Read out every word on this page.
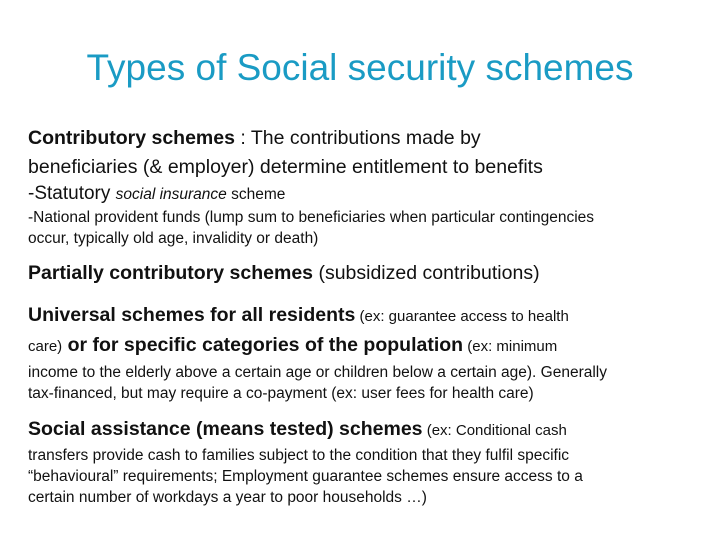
Types of Social security schemes
Contributory schemes : The contributions made by
beneficiaries (& employer) determine entitlement to benefits
-Statutory social insurance scheme
-National provident funds (lump sum to beneficiaries when particular contingencies
occur, typically old age, invalidity or death)
Partially contributory schemes (subsidized contributions)
Universal schemes for all residents (ex: guarantee access to health
care) or for specific categories of the population (ex: minimum
income to the elderly above a certain age or children below a certain age). Generally
tax-financed, but may require a co-payment (ex: user fees for health care)
Social assistance (means tested) schemes (ex: Conditional cash
transfers provide cash to families subject to the condition that they fulfil specific
“behavioural” requirements; Employment guarantee schemes ensure access to a
certain number of workdays a year to poor households …)
